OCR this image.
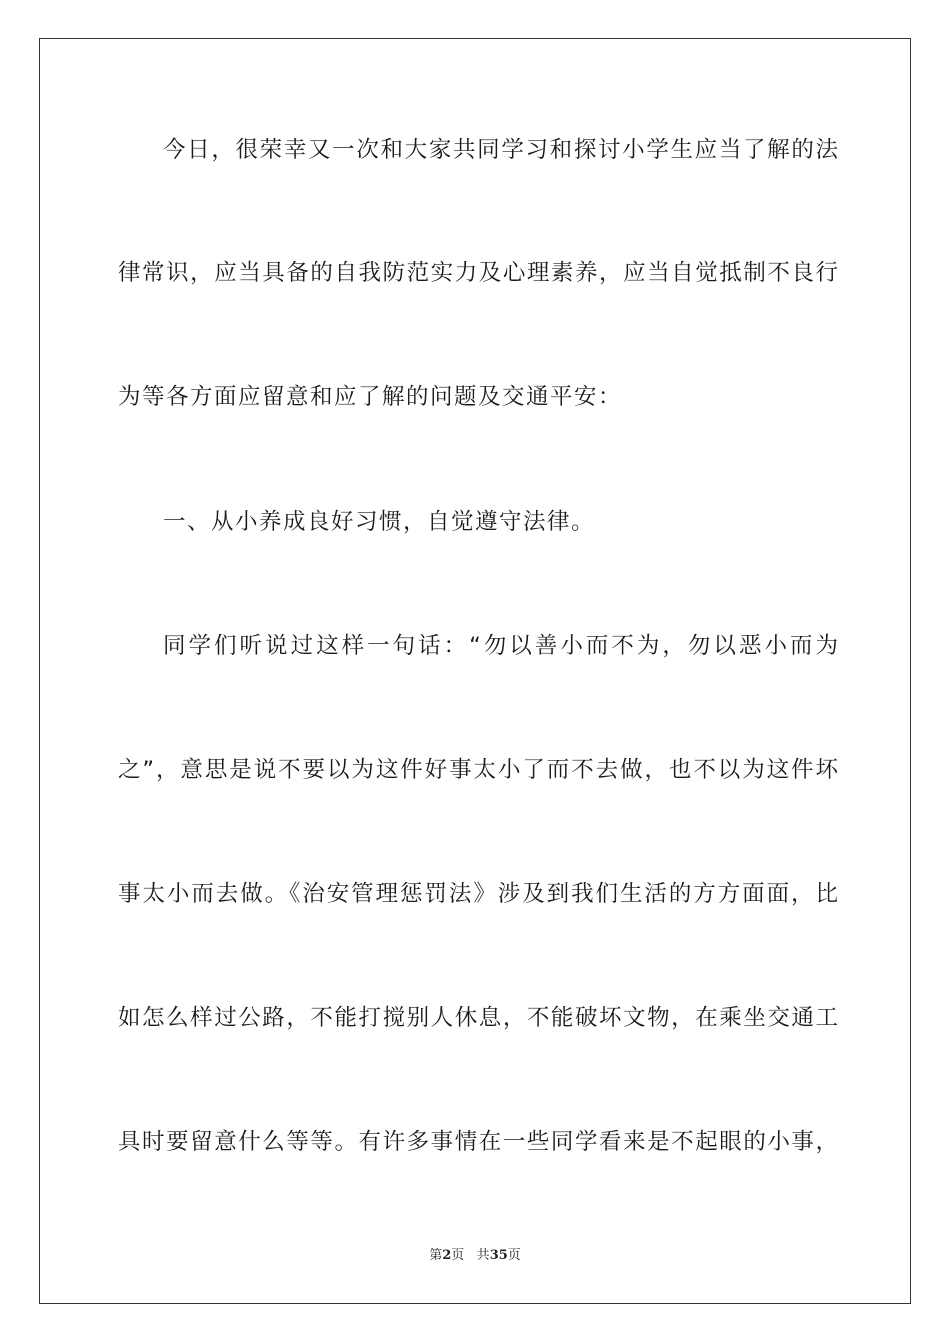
今日，很荣幸又一次和大家共同学习和探讨小学生应当了解的法
律常识，应当具备的自我防范实力及心理素养，应当自觉抵制不良行
为等各方面应留意和应了解的问题及交通平安：
一、从小养成良好习惯，自觉遵守法律。
同学们听说过这样一句话：“勿以善小而不为，勿以恶小而为
之”，意思是说不要以为这件好事太小了而不去做，也不以为这件坏
事太小而去做。《治安管理惩罚法》涉及到我们生活的方方面面，比
如怎么样过公路，不能打搅别人休息，不能破坏文物，在乘坐交通工
具时要留意什么等等。有许多事情在一些同学看来是不起眼的小事，
第2页 共35页
